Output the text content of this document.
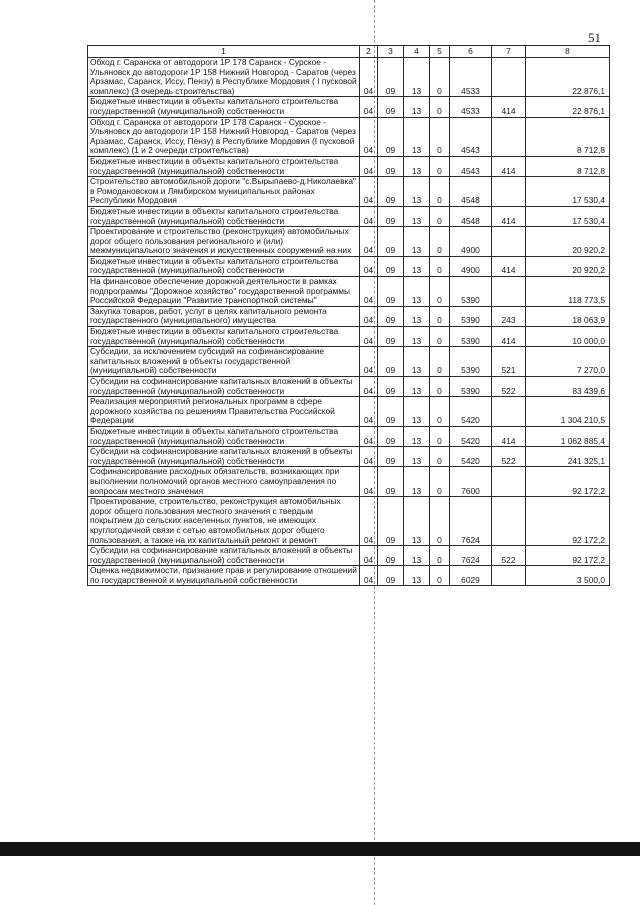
51
1	2	3	4	5	6	7	8
Обход г. Саранска от автодороги 1Р 178 Саранск - Сурское - Ульяновск до автодороги 1Р 158 Нижний Новгород - Саратов (через Арзамас, Саранск, Иссу, Пензу) в Республике Мордовия ( I пусковой комплекс) (3 очередь строительства)	04	09	13	0	4533		22 876,1
Бюджетные инвестиции в объекты капитального строительства государственной (муниципальной) собственности	04	09	13	0	4533	414	22 876,1
Обход г. Саранска от автодороги 1Р 178 Саранск - Сурское - Ульяновск до автодороги 1Р 158 Нижний Новгород - Саратов (через Арзамас, Саранск, Иссу, Пензу) в Республике Мордовия (I пусковой комплекс) (1 и 2 очереди строительства)	04	09	13	0	4543		8 712,8
Бюджетные инвестиции в объекты капитального строительства государственной (муниципальной) собственности	04	09	13	0	4543	414	8 712,8
Строительство автомобильной дороги "с.Вырыпаево-д.Николаевка" в Ромодановском и Лямбирском муниципальных районах Республики Мордовия	04	09	13	0	4548		17 530,4
Бюджетные инвестиции в объекты капитального строительства государственной (муниципальной) собственности	04	09	13	0	4548	414	17 530,4
Проектирование и строительство (реконструкция) автомобильных дорог общего пользования регионального и (или) межмуниципального значения и искусственных сооружений на них	04	09	13	0	4900		20 920,2
Бюджетные инвестиции в объекты капитального строительства государственной (муниципальной) собственности	04	09	13	0	4900	414	20 920,2
На финансовое обеспечение дорожной деятельности в рамках подпрограммы "Дорожное хозяйство" государственной программы Российской Федерации "Развитие транспортной системы"	04	09	13	0	5390		118 773,5
Закупка товаров, работ, услуг в целях капитального ремонта государственного (муниципального) имущества	04	09	13	0	5390	243	18 063,9
Бюджетные инвестиции в объекты капитального строительства государственной (муниципальной) собственности	04	09	13	0	5390	414	10 000,0
Субсидии, за исключением субсидий на софинансирование капитальных вложений в объекты государственной (муниципальной) собственности	04	09	13	0	5390	521	7 270,0
Субсидии на софинансирование капитальных вложений в объекты государственной (муниципальной) собственности	04	09	13	0	5390	522	83 439,6
Реализация мероприятий региональных программ в сфере дорожного хозяйства по решениям Правительства Российской Федерации	04	09	13	0	5420		1 304 210,5
Бюджетные инвестиции в объекты капитального строительства государственной (муниципальной) собственности	04	09	13	0	5420	414	1 062 885,4
Субсидии на софинансирование капитальных вложений в объекты государственной (муниципальной) собственности	04	09	13	0	5420	522	241 325,1
Софинансирование расходных обязательств, возникающих при выполнении полномочий органов местного самоуправления по вопросам местного значения	04	09	13	0	7600		92 172,2
Проектирование, строительство, реконструкция автомобильных дорог общего пользования местного значения с твердым покрытием до сельских населенных пунктов, не имеющих круглогодичной связи с сетью автомобильных дорог общего пользования, а также на их капитальный ремонт и ремонт	04	09	13	0	7624		92 172,2
Субсидии на софинансирование капитальных вложений в объекты государственной (муниципальной) собственности	04	09	13	0	7624	522	92 172,2
Оценка недвижимости, признание прав и регулирование отношений по государственной и муниципальной собственности	04	09	13	0	6029		3 500,0
